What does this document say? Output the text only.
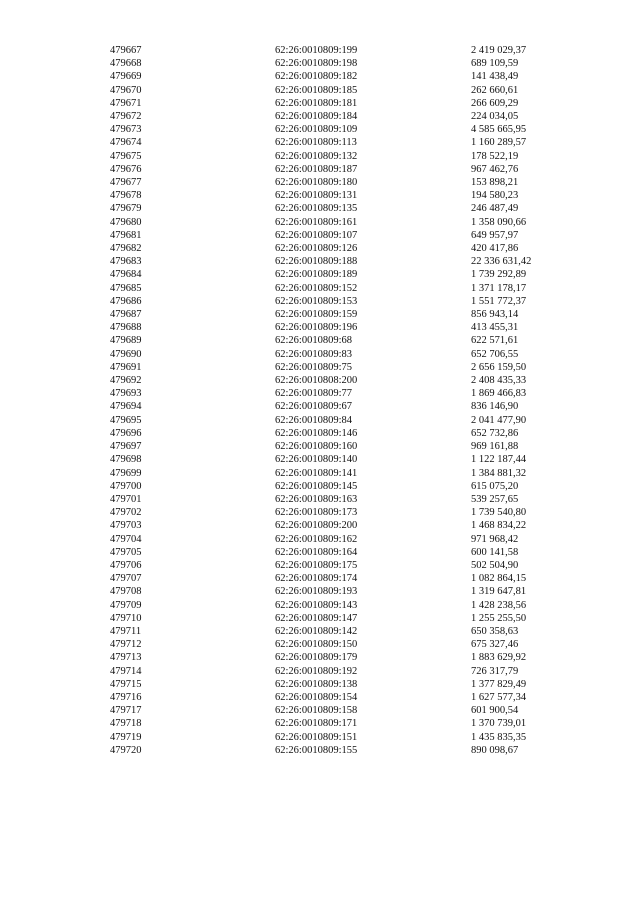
479667	62:26:0010809:199	2 419 029,37
479668	62:26:0010809:198	689 109,59
479669	62:26:0010809:182	141 438,49
479670	62:26:0010809:185	262 660,61
479671	62:26:0010809:181	266 609,29
479672	62:26:0010809:184	224 034,05
479673	62:26:0010809:109	4 585 665,95
479674	62:26:0010809:113	1 160 289,57
479675	62:26:0010809:132	178 522,19
479676	62:26:0010809:187	967 462,76
479677	62:26:0010809:180	153 898,21
479678	62:26:0010809:131	194 580,23
479679	62:26:0010809:135	246 487,49
479680	62:26:0010809:161	1 358 090,66
479681	62:26:0010809:107	649 957,97
479682	62:26:0010809:126	420 417,86
479683	62:26:0010809:188	22 336 631,42
479684	62:26:0010809:189	1 739 292,89
479685	62:26:0010809:152	1 371 178,17
479686	62:26:0010809:153	1 551 772,37
479687	62:26:0010809:159	856 943,14
479688	62:26:0010809:196	413 455,31
479689	62:26:0010809:68	622 571,61
479690	62:26:0010809:83	652 706,55
479691	62:26:0010809:75	2 656 159,50
479692	62:26:0010808:200	2 408 435,33
479693	62:26:0010809:77	1 869 466,83
479694	62:26:0010809:67	836 146,90
479695	62:26:0010809:84	2 041 477,90
479696	62:26:0010809:146	652 732,86
479697	62:26:0010809:160	969 161,88
479698	62:26:0010809:140	1 122 187,44
479699	62:26:0010809:141	1 384 881,32
479700	62:26:0010809:145	615 075,20
479701	62:26:0010809:163	539 257,65
479702	62:26:0010809:173	1 739 540,80
479703	62:26:0010809:200	1 468 834,22
479704	62:26:0010809:162	971 968,42
479705	62:26:0010809:164	600 141,58
479706	62:26:0010809:175	502 504,90
479707	62:26:0010809:174	1 082 864,15
479708	62:26:0010809:193	1 319 647,81
479709	62:26:0010809:143	1 428 238,56
479710	62:26:0010809:147	1 255 255,50
479711	62:26:0010809:142	650 358,63
479712	62:26:0010809:150	675 327,46
479713	62:26:0010809:179	1 883 629,92
479714	62:26:0010809:192	726 317,79
479715	62:26:0010809:138	1 377 829,49
479716	62:26:0010809:154	1 627 577,34
479717	62:26:0010809:158	601 900,54
479718	62:26:0010809:171	1 370 739,01
479719	62:26:0010809:151	1 435 835,35
479720	62:26:0010809:155	890 098,67
